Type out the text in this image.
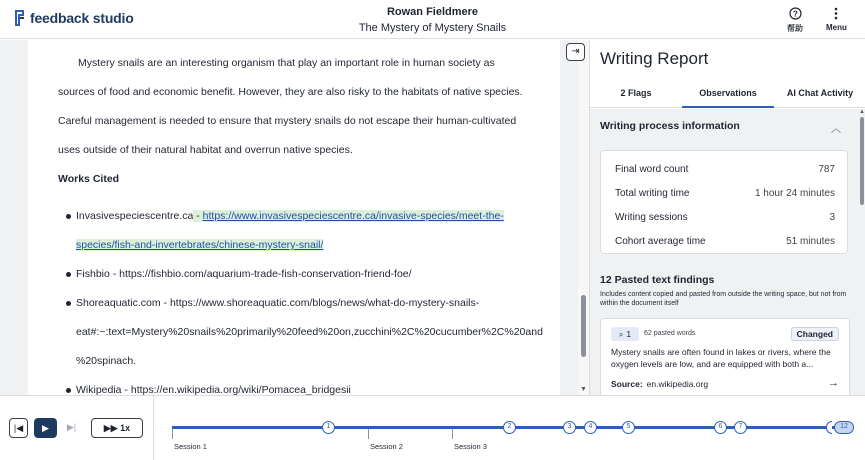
feedback studio	Rowan Fieldmere
The Mystery of Mystery Snails
?
帮助	Menu
Mystery snails are an interesting organism that play an important role in human society as
sources of food and economic benefit. However, they are also risky to the habitats of native species.
Careful management is needed to ensure that mystery snails do not escape their human-cultivated
uses outside of their natural habitat and overrun native species.
Works Cited
Invasivespeciescentre.ca - https://www.invasivespeciescentre.ca/invasive-species/meet-the-
species/fish-and-invertebrates/chinese-mystery-snail/
Fishbio - https://fishbio.com/aquarium-trade-fish-conservation-friend-foe/
Shoreaquatic.com - https://www.shoreaquatic.com/blogs/news/what-do-mystery-snails-
eat#:~:text=Mystery%20snails%20primarily%20feed%20on,zucchini%2C%20cucumber%2C%20and
%20spinach.
Wikipedia - https://en.wikipedia.org/wiki/Pomacea_bridgesii	▼
⇥	Writing Report
2 Flags	Observations	AI Chat Activity
Writing process information	︿
Final word count	787
Total writing time	1 hour 24 minutes
Writing sessions	3
Cohort average time	51 minutes
12 Pasted text findings
Includes content copied and pasted from outside the writing space, but not from within the document itself
⌕ 1	62 pasted words	Changed
Mystery snails are often found in lakes or rivers, where the oxygen levels are low, and are equipped with both a...
Source: en.wikipedia.org	→
▲
|◀	▶	▶|	▶▶ 1x
Session 1	Session 2	Session 3
1	2	3	4	5	6	7	12
